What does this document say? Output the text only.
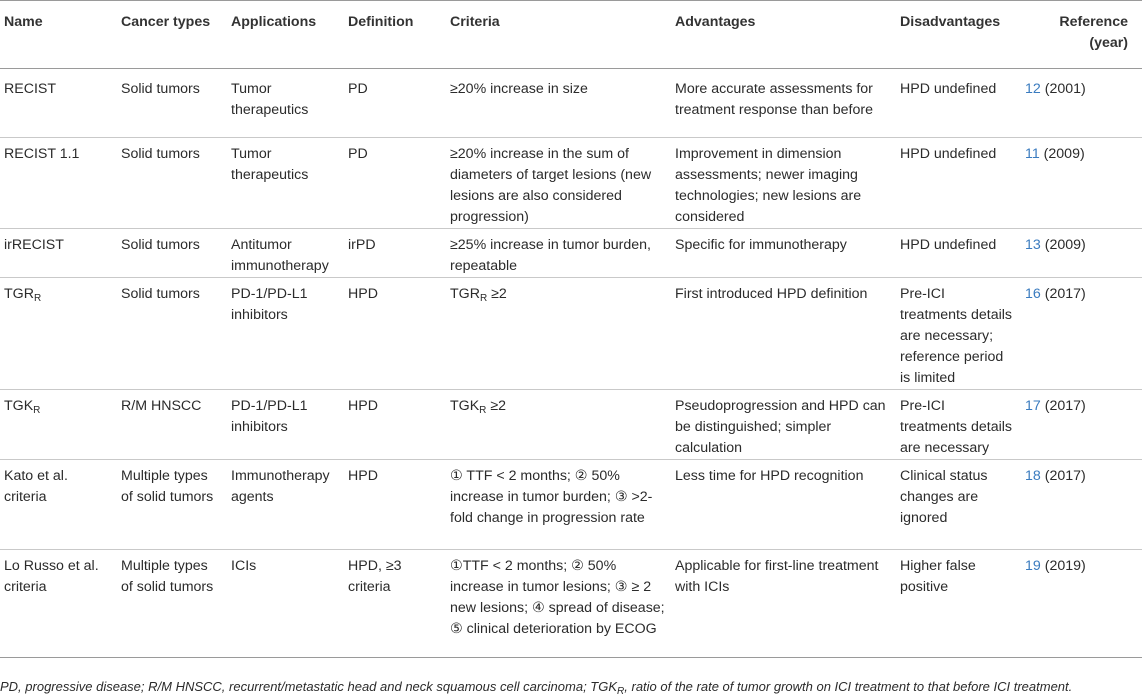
Name	Cancer types	Applications	Definition	Criteria	Advantages	Disadvantages	Reference (year)
RECIST	Solid tumors	Tumor therapeutics	PD	≥20% increase in size	More accurate assessments for treatment response than before	HPD undefined	12 (2001)
RECIST 1.1	Solid tumors	Tumor therapeutics	PD	≥20% increase in the sum of diameters of target lesions (new lesions are also considered progression)	Improvement in dimension assessments; newer imaging technologies; new lesions are considered	HPD undefined	11 (2009)
irRECIST	Solid tumors	Antitumor immunotherapy	irPD	≥25% increase in tumor burden, repeatable	Specific for immunotherapy	HPD undefined	13 (2009)
$TGR_R$	Solid tumors	PD-1/PD-L1 inhibitors	HPD	$TGR_R \ge 2$	First introduced HPD definition	Pre-ICI treatments details are necessary; reference period is limited	16 (2017)
$TGK_R$	R/M HNSCC	PD-1/PD-L1 inhibitors	HPD	$TGK_R \ge 2$	Pseudoprogression and HPD can be distinguished; simpler calculation	Pre-ICI treatments details are necessary	17 (2017)
Kato et al. criteria	Multiple types of solid tumors	Immunotherapy agents	HPD	① TTF < 2 months; ② 50% increase in tumor burden; ③ >2-fold change in progression rate	Less time for HPD recognition	Clinical status changes are ignored	18 (2017)
Lo Russo et al. criteria	Multiple types of solid tumors	ICIs	HPD, ≥3 criteria	①TTF < 2 months; ② 50% increase in tumor lesions; ③ ≥ 2 new lesions; ④ spread of disease; ⑤ clinical deterioration by ECOG	Applicable for first-line treatment with ICIs	Higher false positive	19 (2019)
PD, progressive disease; R/M HNSCC, recurrent/metastatic head and neck squamous cell carcinoma; $TGK_R$, ratio of the rate of tumor growth on ICI treatment to that before ICI treatment.
